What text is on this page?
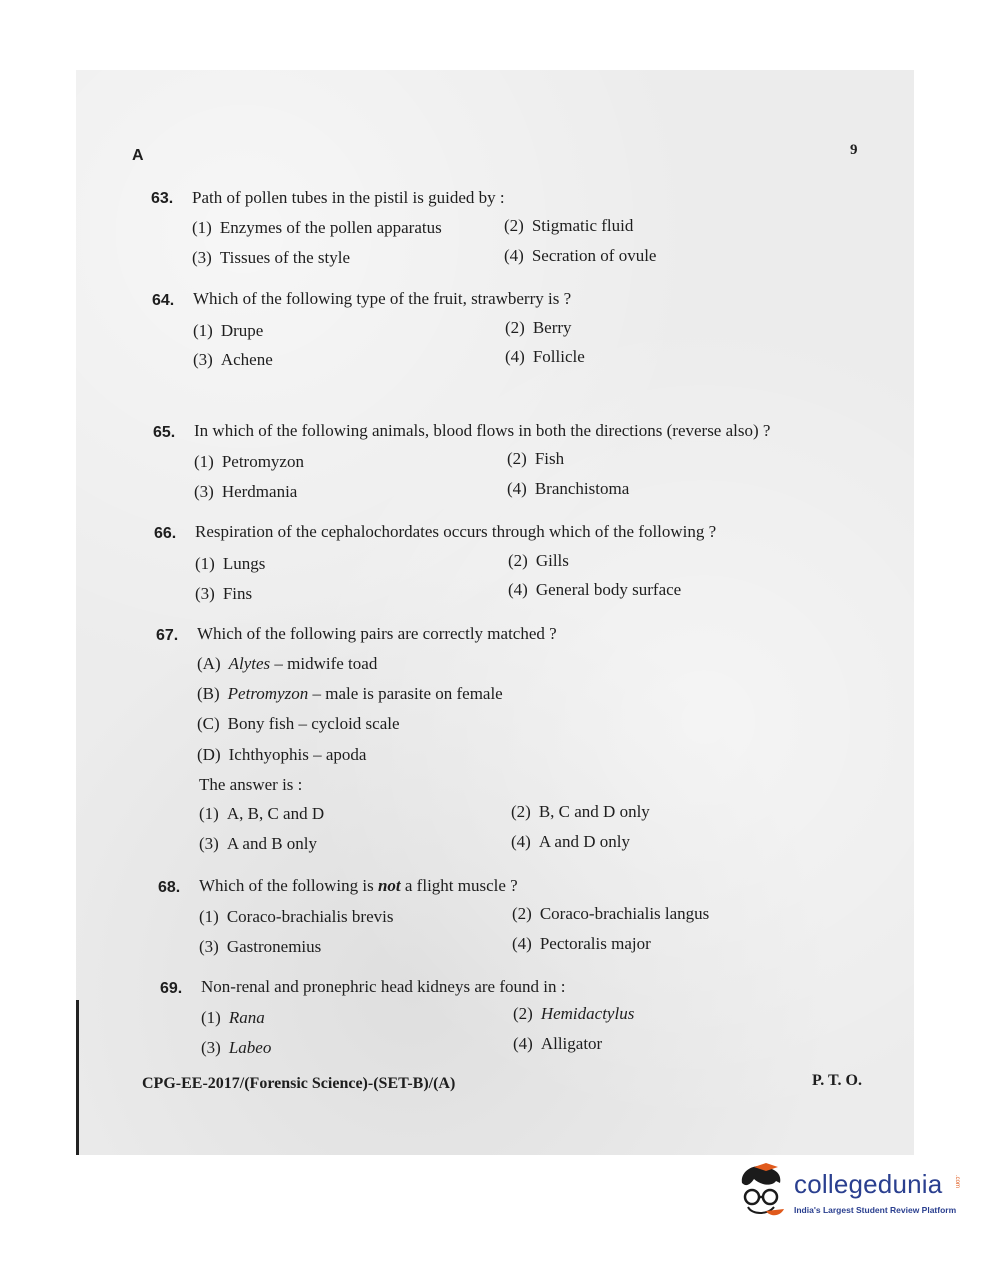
A	9
63. Path of pollen tubes in the pistil is guided by :
(1) Enzymes of the pollen apparatus	(2) Stigmatic fluid
(3) Tissues of the style	(4) Secration of ovule
64. Which of the following type of the fruit, strawberry is ?
(1) Drupe	(2) Berry
(3) Achene	(4) Follicle
65. In which of the following animals, blood flows in both the directions (reverse also) ?
(1) Petromyzon	(2) Fish
(3) Herdmania	(4) Branchistoma
66. Respiration of the cephalochordates occurs through which of the following ?
(1) Lungs	(2) Gills
(3) Fins	(4) General body surface
67. Which of the following pairs are correctly matched ?
(A) Alytes – midwife toad
(B) Petromyzon – male is parasite on female
(C) Bony fish – cycloid scale
(D) Ichthyophis – apoda
The answer is :
(1) A, B, C and D	(2) B, C and D only
(3) A and B only	(4) A and D only
68. Which of the following is not a flight muscle ?
(1) Coraco-brachialis brevis	(2) Coraco-brachialis langus
(3) Gastronemius	(4) Pectoralis major
69. Non-renal and pronephric head kidneys are found in :
(1) Rana	(2) Hemidactylus
(3) Labeo	(4) Alligator
CPG-EE-2017/(Forensic Science)-(SET-B)/(A)	P. T. O.
collegedunia .com
India's Largest Student Review Platform
